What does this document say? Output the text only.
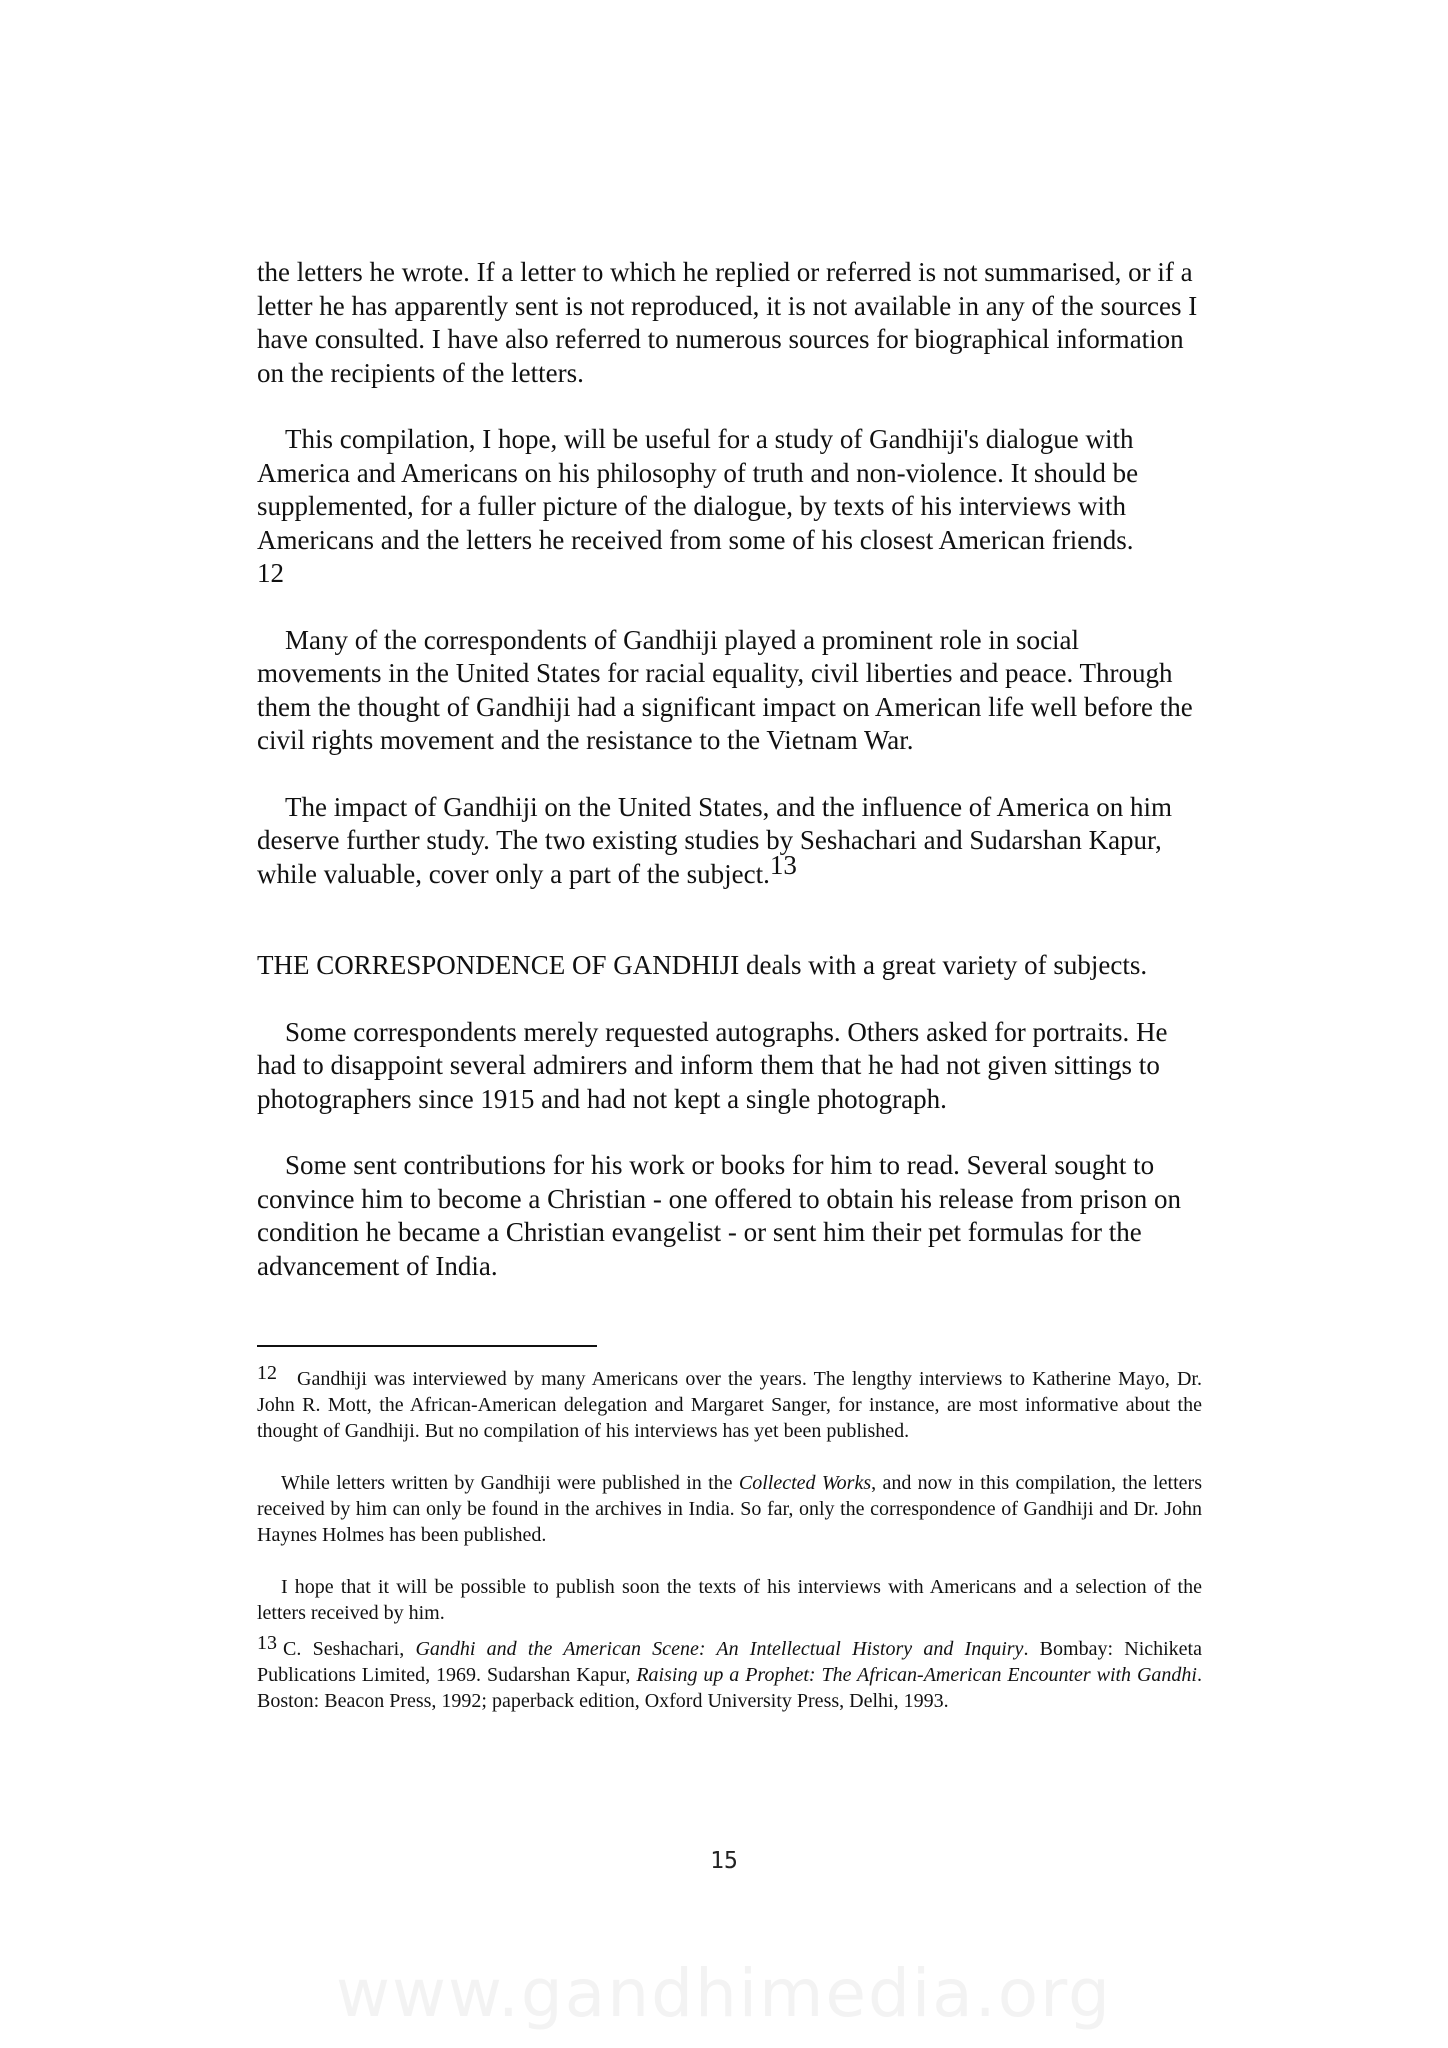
the letters he wrote. If a letter to which he replied or referred is not summarised, or if a letter he has apparently sent is not reproduced, it is not available in any of the sources I have consulted. I have also referred to numerous sources for biographical information on the recipients of the letters.

This compilation, I hope, will be useful for a study of Gandhiji's dialogue with America and Americans on his philosophy of truth and non-violence. It should be supplemented, for a fuller picture of the dialogue, by texts of his interviews with Americans and the letters he received from some of his closest American friends.
12

Many of the correspondents of Gandhiji played a prominent role in social movements in the United States for racial equality, civil liberties and peace. Through them the thought of Gandhiji had a significant impact on American life well before the civil rights movement and the resistance to the Vietnam War.

The impact of Gandhiji on the United States, and the influence of America on him deserve further study. The two existing studies by Seshachari and Sudarshan Kapur, while valuable, cover only a part of the subject.13

THE CORRESPONDENCE OF GANDHIJI deals with a great variety of subjects.

Some correspondents merely requested autographs. Others asked for portraits. He had to disappoint several admirers and inform them that he had not given sittings to photographers since 1915 and had not kept a single photograph.

Some sent contributions for his work or books for him to read. Several sought to convince him to become a Christian - one offered to obtain his release from prison on condition he became a Christian evangelist - or sent him their pet formulas for the advancement of India.

12 Gandhiji was interviewed by many Americans over the years. The lengthy interviews to Katherine Mayo, Dr. John R. Mott, the African-American delegation and Margaret Sanger, for instance, are most informative about the thought of Gandhiji. But no compilation of his interviews has yet been published.

While letters written by Gandhiji were published in the Collected Works, and now in this compilation, the letters received by him can only be found in the archives in India. So far, only the correspondence of Gandhiji and Dr. John Haynes Holmes has been published.

I hope that it will be possible to publish soon the texts of his interviews with Americans and a selection of the letters received by him.

13 C. Seshachari, Gandhi and the American Scene: An Intellectual History and Inquiry. Bombay: Nichiketa Publications Limited, 1969. Sudarshan Kapur, Raising up a Prophet: The African-American Encounter with Gandhi. Boston: Beacon Press, 1992; paperback edition, Oxford University Press, Delhi, 1993.

15
www.gandhimedia.org
